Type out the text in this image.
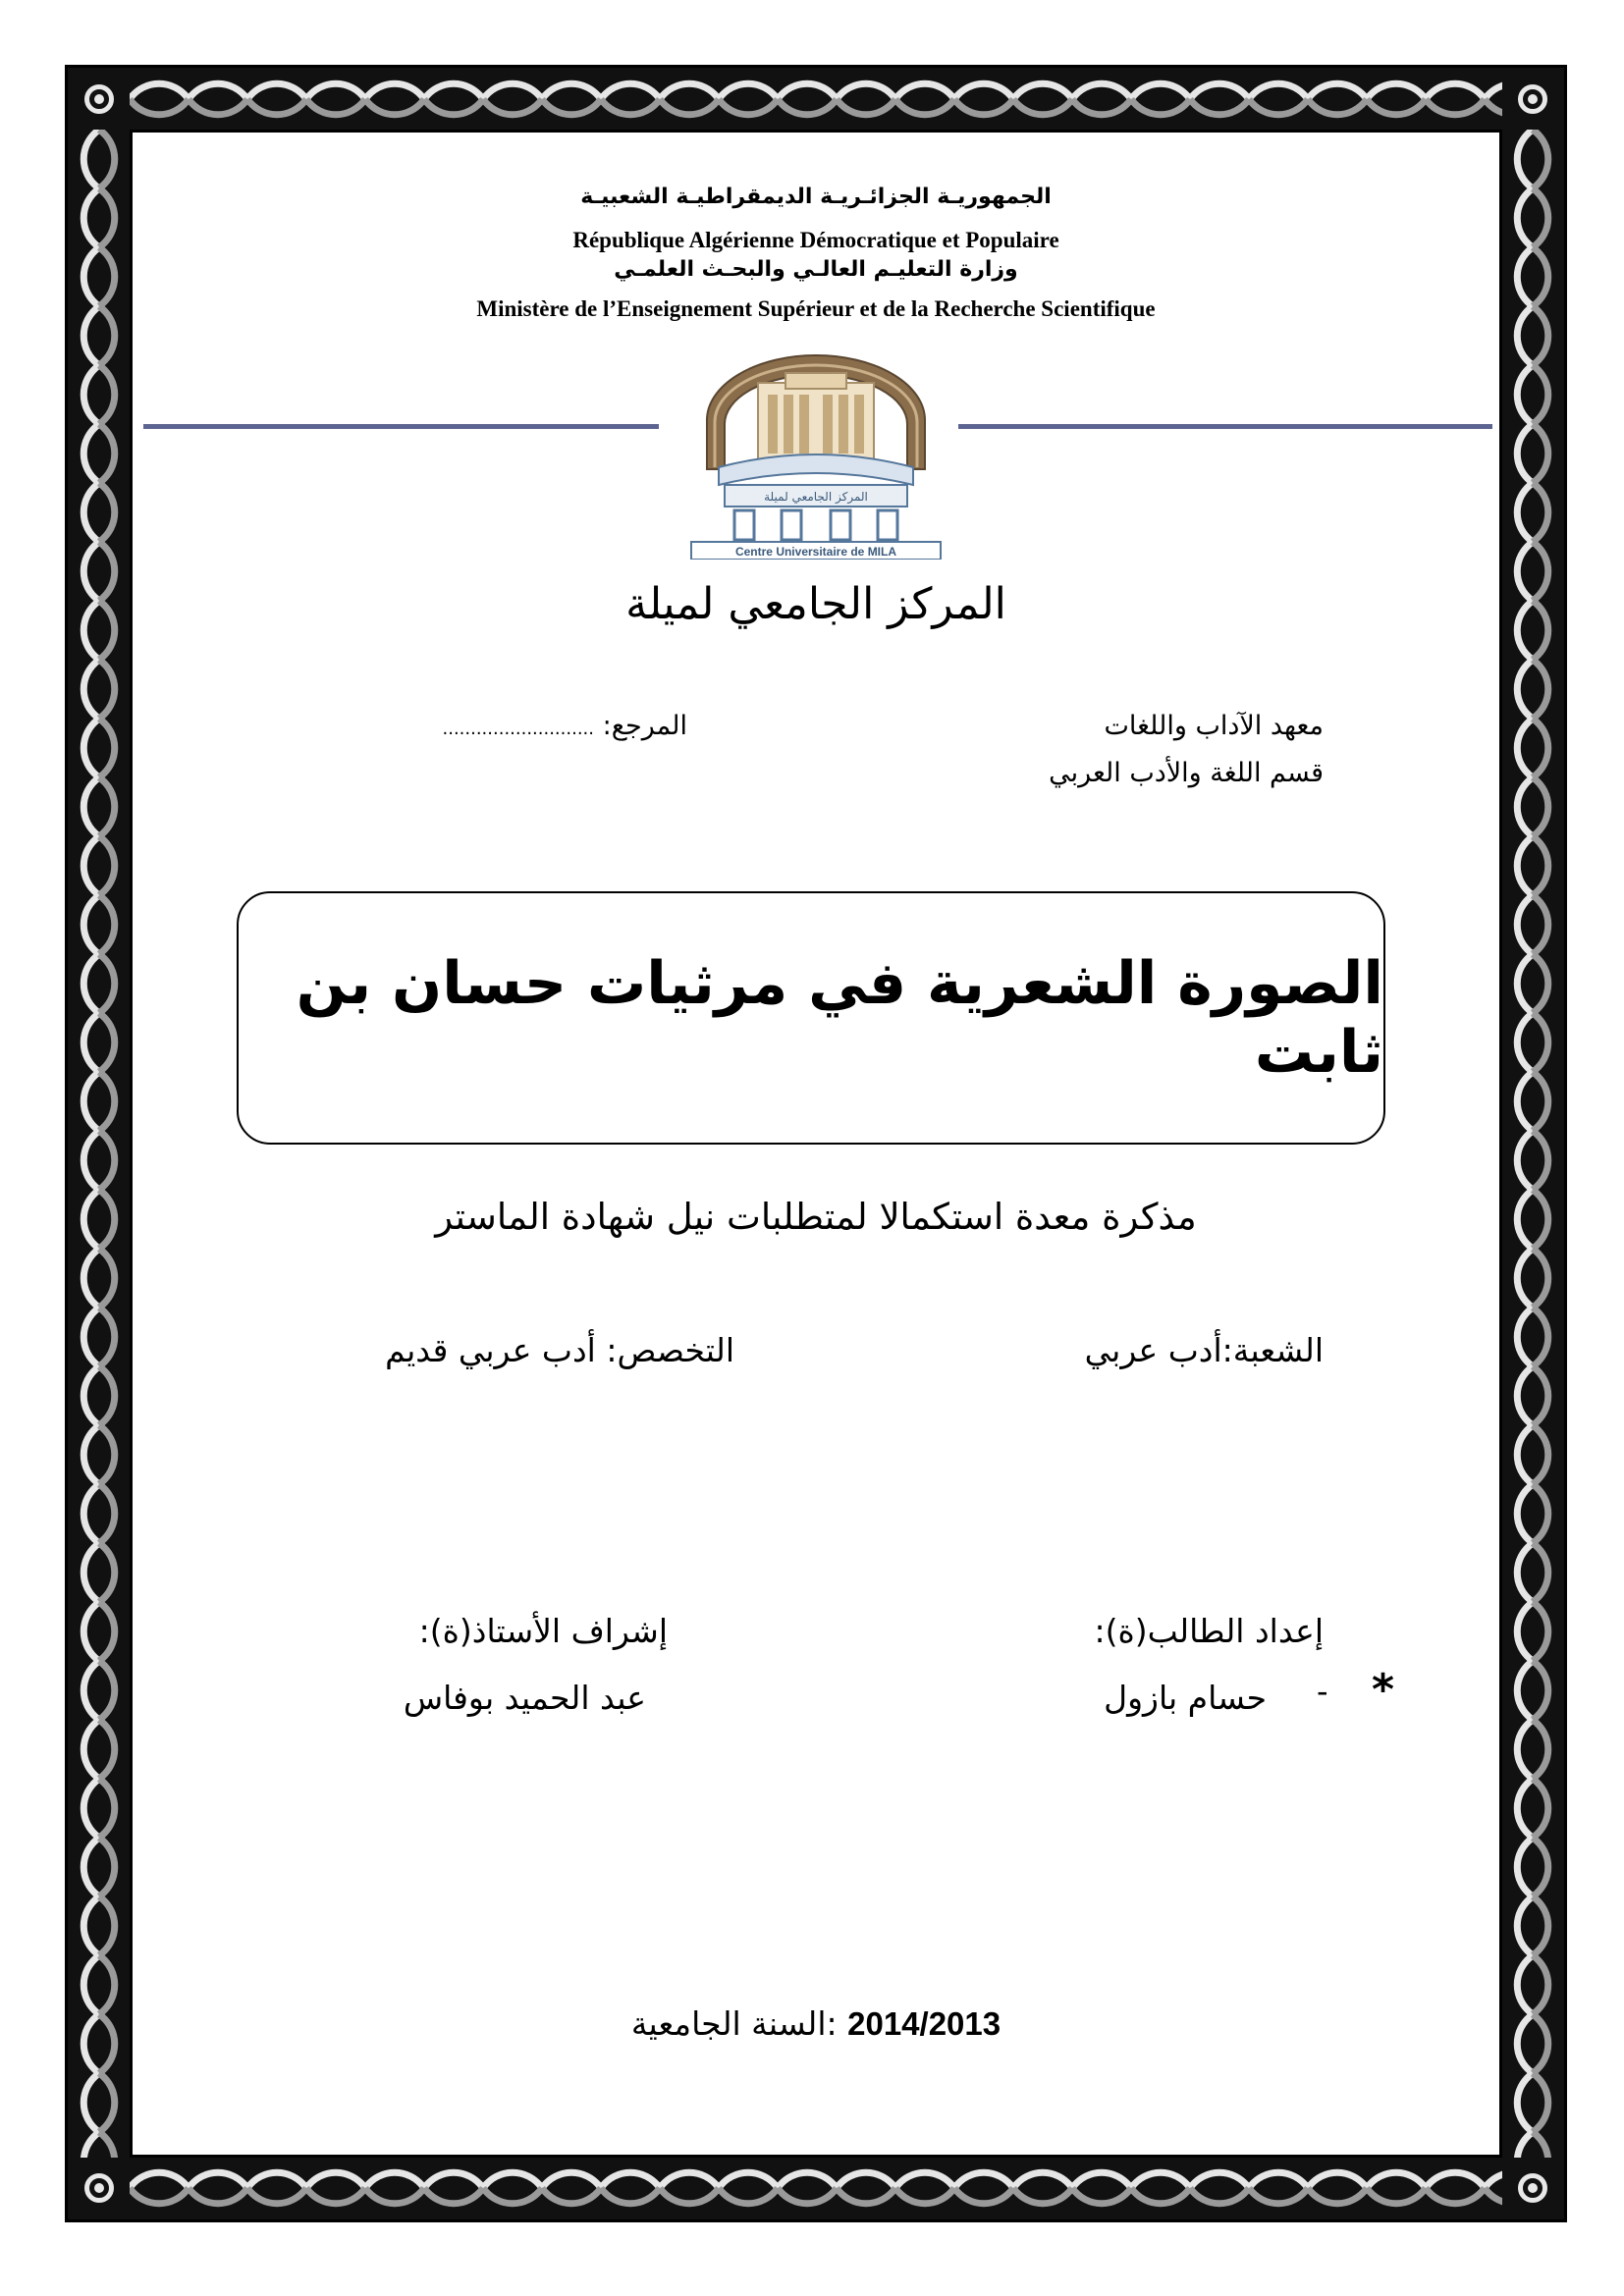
الجمهوريـة الجزائـريـة الديمقراطيـة الشعبيـة
République Algérienne Démocratique et Populaire
وزارة التعليـم العالـي والبحـث العلمـي
Ministère de l’Enseignement Supérieur et de la Recherche Scientifique
المركز الجامعي لميلة
Centre Universitaire de MILA
المركز الجامعي لميلة
معهد الآداب واللغات
قسم اللغة والأدب العربي
المرجع: ...........................
الصورة الشعرية في مرثيات حسان بن ثابت
مذكرة معدة استكمالا لمتطلبات نيل شهادة الماستر
الشعبة:أدب عربي
التخصص: أدب عربي قديم
إعداد الطالب(ة):
إشراف الأستاذ(ة):
*
-
حسام بازول
عبد الحميد بوفاس
السنة الجامعية: 2014/2013
